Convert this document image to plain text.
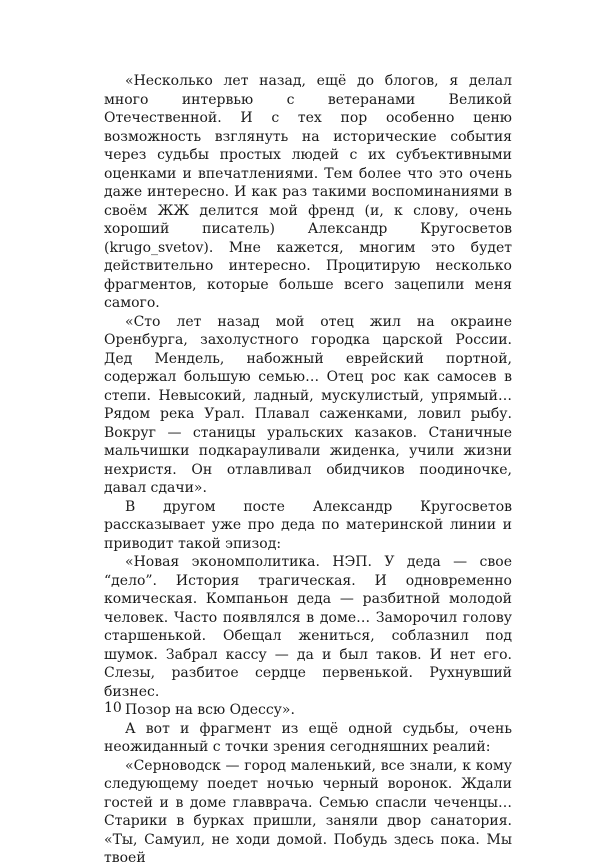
«Несколько лет назад, ещё до блогов, я делал много интервью с ветеранами Великой Отечественной. И с тех пор особенно ценю возможность взглянуть на исторические события через судьбы простых людей с их субъективными оценками и впечатлениями. Тем более что это очень даже интересно. И как раз такими воспоминаниями в своём ЖЖ делится мой френд (и, к слову, очень хороший писатель) Александр Кругосветов (krugo_svetov). Мне кажется, многим это будет действительно интересно. Процитирую несколько фрагментов, которые больше всего зацепили меня самого.

«Сто лет назад мой отец жил на окраине Оренбурга, захолустного городка царской России. Дед Мендель, набожный еврейский портной, содержал большую семью… Отец рос как самосев в степи. Невысокий, ладный, мускулистый, упрямый… Рядом река Урал. Плавал саженками, ловил рыбу. Вокруг — станицы уральских казаков. Станичные мальчишки подкарауливали жиденка, учили жизни нехристя. Он отлавливал обидчиков поодиночке, давал сдачи».

В другом посте Александр Кругосветов рассказывает уже про деда по материнской линии и приводит такой эпизод:

«Новая экономполитика. НЭП. У деда — свое “дело”. История трагическая. И одновременно комическая. Компаньон деда — разбитной молодой человек. Часто появлялся в доме… Заморочил голову старшенькой. Обещал жениться, соблазнил под шумок. Забрал кассу — да и был таков. И нет его. Слезы, разбитое сердце первенькой. Рухнувший бизнес.

Позор на всю Одессу».

А вот и фрагмент из ещё одной судьбы, очень неожиданный с точки зрения сегодняшних реалий:

«Серноводск — город маленький, все знали, к кому следующему поедет ночью черный воронок. Ждали гостей и в доме главврача. Семью спасли чеченцы… Старики в бурках пришли, заняли двор санатория. «Ты, Самуил, не ходи домой. Побудь здесь пока. Мы твоей

10
